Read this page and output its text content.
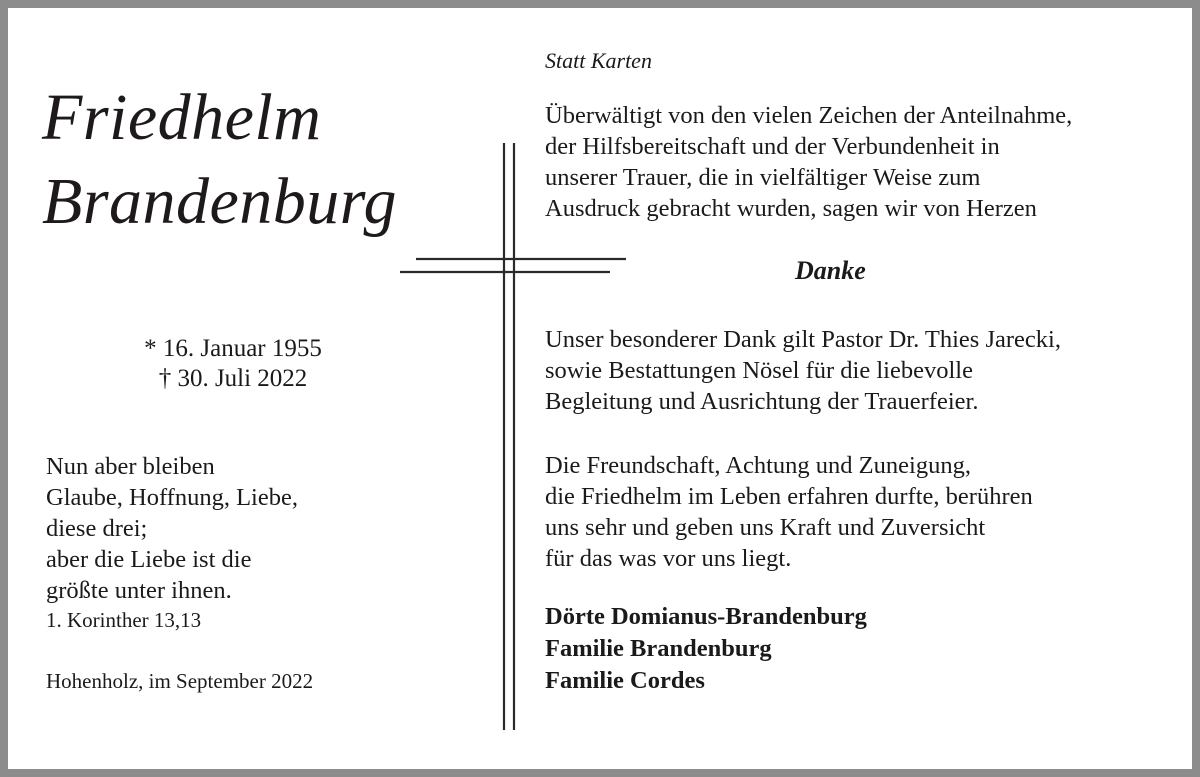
Friedhelm
Brandenburg
* 16. Januar 1955
† 30. Juli 2022
Nun aber bleiben
Glaube, Hoffnung, Liebe,
diese drei;
aber die Liebe ist die
größte unter ihnen.
1. Korinther 13,13
Hohenholz, im September 2022
Statt Karten
Überwältigt von den vielen Zeichen der Anteilnahme,
der Hilfsbereitschaft und der Verbundenheit in
unserer Trauer, die in vielfältiger Weise zum
Ausdruck gebracht wurden, sagen wir von Herzen
Danke
Unser besonderer Dank gilt Pastor Dr. Thies Jarecki,
sowie Bestattungen Nösel für die liebevolle
Begleitung und Ausrichtung der Trauerfeier.
Die Freundschaft, Achtung und Zuneigung,
die Friedhelm im Leben erfahren durfte, berühren
uns sehr und geben uns Kraft und Zuversicht
für das was vor uns liegt.
Dörte Domianus-Brandenburg
Familie Brandenburg
Familie Cordes
